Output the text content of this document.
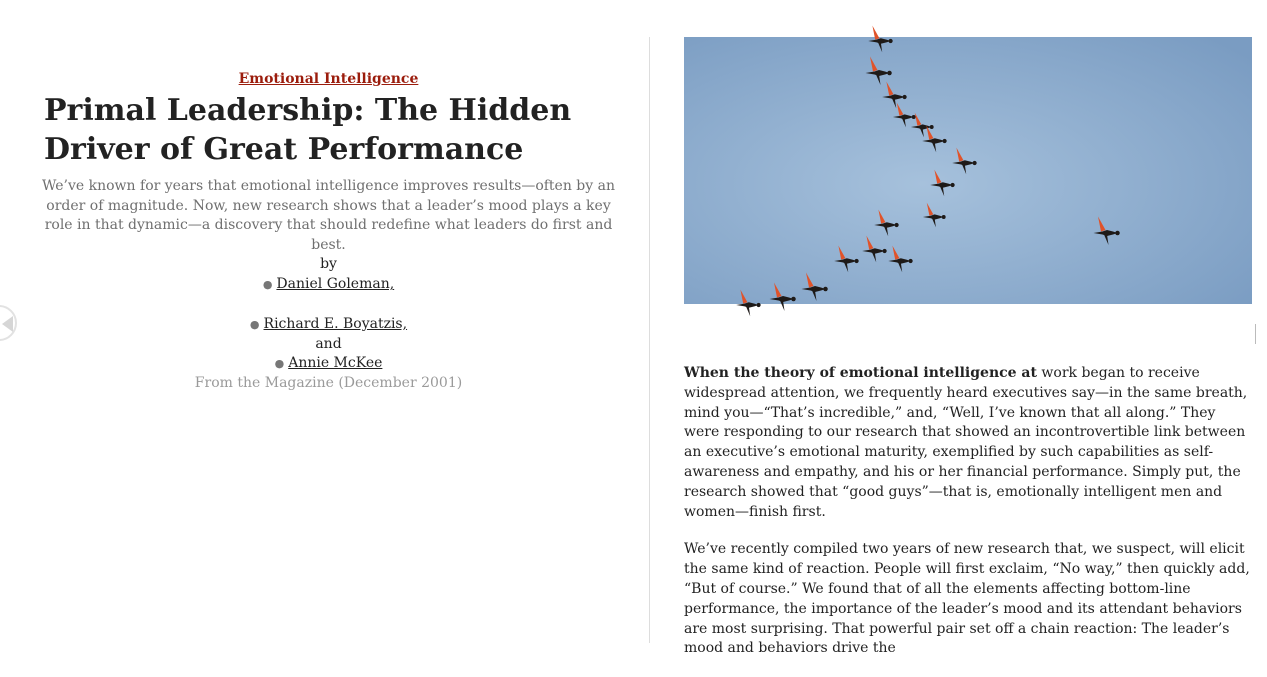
Emotional Intelligence
Primal Leadership: The Hidden Driver of Great Performance
We’ve known for years that emotional intelligence improves results—often by an order of magnitude. Now, new research shows that a leader’s mood plays a key role in that dynamic—a discovery that should redefine what leaders do first and best.
by
● Daniel Goleman,
● Richard E. Boyatzis,
and
● Annie McKee
From the Magazine (December 2001)

When the theory of emotional intelligence at work began to receive widespread attention, we frequently heard executives say—in the same breath, mind you—“That’s incredible,” and, “Well, I’ve known that all along.” They were responding to our research that showed an incontrovertible link between an executive’s emotional maturity, exemplified by such capabilities as self-awareness and empathy, and his or her financial performance. Simply put, the research showed that “good guys”—that is, emotionally intelligent men and women—finish first.

We’ve recently compiled two years of new research that, we suspect, will elicit the same kind of reaction. People will first exclaim, “No way,” then quickly add, “But of course.” We found that of all the elements affecting bottom-line performance, the importance of the leader’s mood and its attendant behaviors are most surprising. That powerful pair set off a chain reaction: The leader’s mood and behaviors drive the
